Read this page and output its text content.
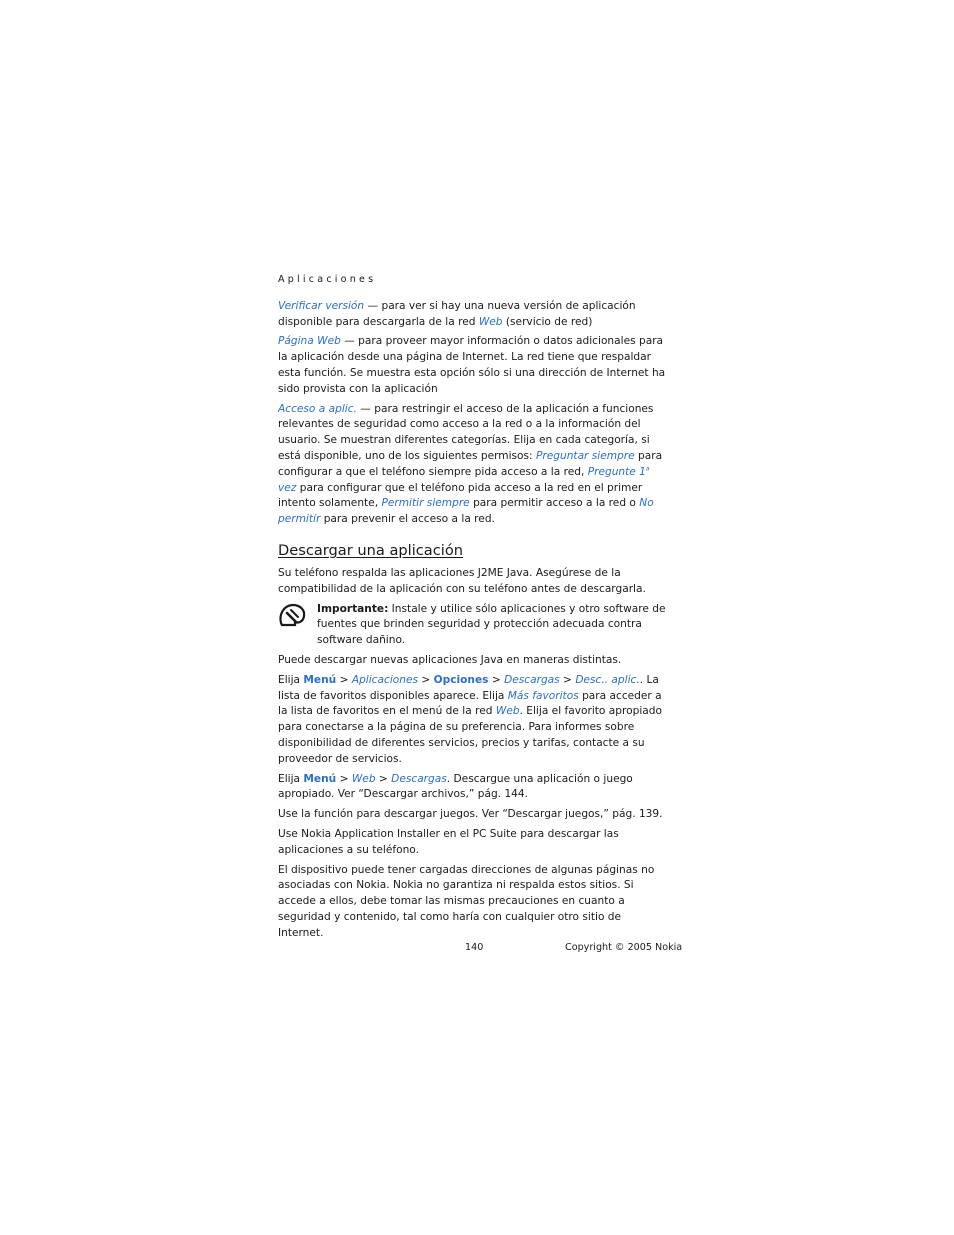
Aplicaciones

Verificar versión — para ver si hay una nueva versión de aplicación disponible para descargarla de la red Web (servicio de red)

Página Web — para proveer mayor información o datos adicionales para la aplicación desde una página de Internet. La red tiene que respaldar esta función. Se muestra esta opción sólo si una dirección de Internet ha sido provista con la aplicación

Acceso a aplic. — para restringir el acceso de la aplicación a funciones relevantes de seguridad como acceso a la red o a la información del usuario. Se muestran diferentes categorías. Elija en cada categoría, si está disponible, uno de los siguientes permisos: Preguntar siempre para configurar a que el teléfono siempre pida acceso a la red, Pregunte 1$^a$ vez para configurar que el teléfono pida acceso a la red en el primer intento solamente, Permitir siempre para permitir acceso a la red o No permitir para prevenir el acceso a la red.

Descargar una aplicación

Su teléfono respalda las aplicaciones J2ME Java. Asegúrese de la compatibilidad de la aplicación con su teléfono antes de descargarla.

Importante: Instale y utilice sólo aplicaciones y otro software de fuentes que brinden seguridad y protección adecuada contra software dañino.

Puede descargar nuevas aplicaciones Java en maneras distintas.

Elija Menú > Aplicaciones > Opciones > Descargas > Desc.. aplic.. La lista de favoritos disponibles aparece. Elija Más favoritos para acceder a la lista de favoritos en el menú de la red Web. Elija el favorito apropiado para conectarse a la página de su preferencia. Para informes sobre disponibilidad de diferentes servicios, precios y tarifas, contacte a su proveedor de servicios.

Elija Menú > Web > Descargas. Descargue una aplicación o juego apropiado. Ver “Descargar archivos,” pág. 144.

Use la función para descargar juegos. Ver “Descargar juegos,” pág. 139.

Use Nokia Application Installer en el PC Suite para descargar las aplicaciones a su teléfono.

El dispositivo puede tener cargadas direcciones de algunas páginas no asociadas con Nokia. Nokia no garantiza ni respalda estos sitios. Si accede a ellos, debe tomar las mismas precauciones en cuanto a seguridad y contenido, tal como haría con cualquier otro sitio de Internet.

140	Copyright © 2005 Nokia
